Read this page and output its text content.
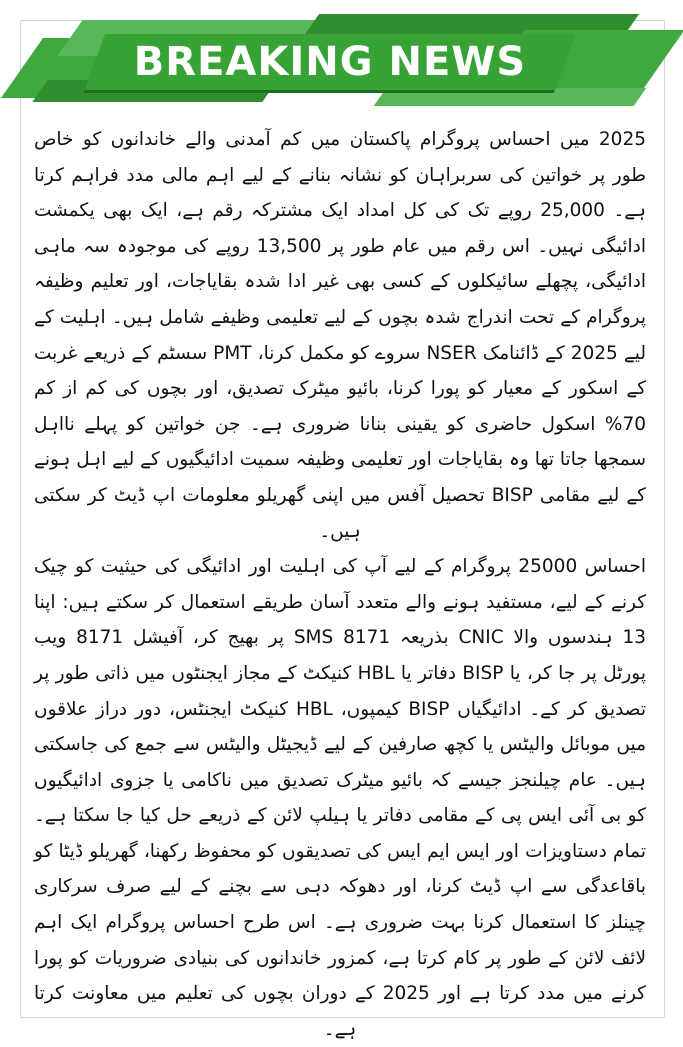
BREAKING NEWS

2025 میں احساس پروگرام پاکستان میں کم آمدنی والے خاندانوں کو خاص طور پر خواتین کی سربراہان کو نشانہ بنانے کے لیے اہم مالی مدد فراہم کرتا ہے۔ 25,000 روپے تک کی کل امداد ایک مشترکہ رقم ہے، ایک بھی یکمشت ادائیگی نہیں۔ اس رقم میں عام طور پر 13,500 روپے کی موجودہ سہ ماہی ادائیگی، پچھلے سائیکلوں کے کسی بھی غیر ادا شدہ بقایاجات، اور تعلیم وظیفہ پروگرام کے تحت اندراج شدہ بچوں کے لیے تعلیمی وظیفے شامل ہیں۔ اہلیت کے لیے 2025 کے ڈائنامک NSER سروے کو مکمل کرنا، PMT سسٹم کے ذریعے غربت کے اسکور کے معیار کو پورا کرنا، بائیو میٹرک تصدیق، اور بچوں کی کم از کم 70% اسکول حاضری کو یقینی بنانا ضروری ہے۔ جن خواتین کو پہلے نااہل سمجھا جاتا تھا وہ بقایاجات اور تعلیمی وظیفہ سمیت ادائیگیوں کے لیے اہل ہونے کے لیے مقامی BISP تحصیل آفس میں اپنی گھریلو معلومات اپ ڈیٹ کر سکتی ہیں۔

احساس 25000 پروگرام کے لیے آپ کی اہلیت اور ادائیگی کی حیثیت کو چیک کرنے کے لیے، مستفید ہونے والے متعدد آسان طریقے استعمال کر سکتے ہیں: اپنا 13 ہندسوں والا CNIC بذریعہ SMS 8171 پر بھیج کر، آفیشل 8171 ویب پورٹل پر جا کر، یا BISP دفاتر یا HBL کنیکٹ کے مجاز ایجنٹوں میں ذاتی طور پر تصدیق کر کے۔ ادائیگیاں BISP کیمپوں، HBL کنیکٹ ایجنٹس، دور دراز علاقوں میں موبائل والیٹس یا کچھ صارفین کے لیے ڈیجیٹل والیٹس سے جمع کی جاسکتی ہیں۔ عام چیلنجز جیسے کہ بائیو میٹرک تصدیق میں ناکامی یا جزوی ادائیگیوں کو بی آئی ایس پی کے مقامی دفاتر یا ہیلپ لائن کے ذریعے حل کیا جا سکتا ہے۔ تمام دستاویزات اور ایس ایم ایس کی تصدیقوں کو محفوظ رکھنا، گھریلو ڈیٹا کو باقاعدگی سے اپ ڈیٹ کرنا، اور دھوکہ دہی سے بچنے کے لیے صرف سرکاری چینلز کا استعمال کرنا بہت ضروری ہے۔ اس طرح احساس پروگرام ایک اہم لائف لائن کے طور پر کام کرتا ہے، کمزور خاندانوں کی بنیادی ضروریات کو پورا کرنے میں مدد کرتا ہے اور 2025 کے دوران بچوں کی تعلیم میں معاونت کرتا ہے۔
